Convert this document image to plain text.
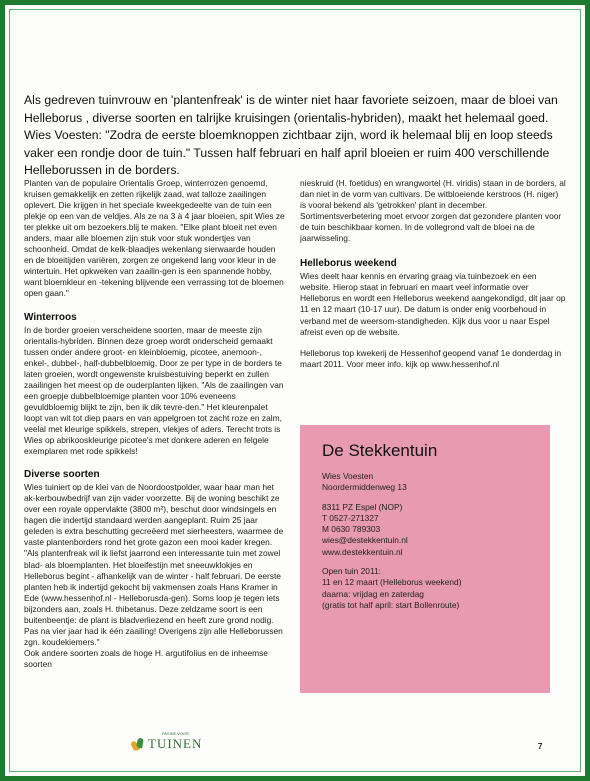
Als gedreven tuinvrouw en 'plantenfreak' is de winter niet haar favoriete seizoen, maar de bloei van Helleborus , diverse soorten en talrijke kruisingen (orientalis-hybriden), maakt het helemaal goed. Wies Voesten: "Zodra de eerste bloemknoppen zichtbaar zijn, word ik helemaal blij en loop steeds vaker een rondje door de tuin." Tussen half februari en half april bloeien er ruim 400 verschillende Helleborussen in de borders.

Planten van de populaire Orientalis Groep, winterrozen genoemd, kruisen gemakkelijk en zetten rijkelijk zaad, wat talloze zaailingen oplevert. Die krijgen in het speciale kweekgedeelte van de tuin een plekje op een van de veldjes. Als ze na 3 à 4 jaar bloeien, spit Wies ze ter plekke uit om bezoekers.blij te maken. "Elke plant bloeit net even anders, maar alle bloemen zijn stuk voor stuk wondertjes van schoonheid. Omdat de kelk-blaadjes wekenlang sierwaarde houden en de bloeitijden variëren, zorgen ze ongekend lang voor kleur in de wintertuin. Het opkweken van zaailin-gen is een spannende hobby, want bloemkleur en -tekening blijvende een verrassing tot de bloemen open gaan."

Winterroos

In de border groeien verscheidene soorten, maar de meeste zijn orientalis-hybriden. Binnen deze groep wordt onderscheid gemaakt tussen onder andere groot- en kleinbloemig, picotee, anemoon-, enkel-, dubbel-, half-dubbelbloemig. Door ze per type in de borders te laten groeien, wordt ongewenste kruisbestuiving beperkt en zullen zaailingen het meest op de ouderplanten lijken. "Als de zaailingen van een groepje dubbelbloemige planten voor 10% eveneens gevuldbloemig blijkt te zijn, ben ik dik tevre-den." Het kleurenpalet loopt van wit tot diep paars en van appelgroen tot zacht roze en zalm, veelal met kleurige spikkels, strepen, vlekjes of aders. Terecht trots is Wies op abrikooskleurige picotee's met donkere aderen en felgele exemplaren met rode spikkels!

Diverse soorten

Wies tuiniert op de klei van de Noordoostpolder, waar haar man het ak-kerbouwbedrijf van zijn vader voorzette. Bij de woning beschikt ze over een royale oppervlakte (3800 m²), beschut door windsingels en hagen die indertijd standaard werden aangeplant. Ruim 25 jaar geleden is extra beschutting gecreëerd met sierheesters, waarmee de vaste plantenborders rond het grote gazon een mooi kader kregen. "Als plantenfreak wil ik liefst jaarrond een interessante tuin met zowel blad- als bloemplanten. Het bloeifestijn met sneeuwklokjes en Helleborus begint - afhankelijk van de winter - half februari. De eerste planten heb ik indertijd gekocht bij vakmensen zoals Hans Kramer in Ede (www.hessenhof.nl - Helleborusda-gen). Soms loop je tegen iets bijzonders aan, zoals H. thibetanus. Deze zeldzame soort is een buitenbeentje: de plant is bladverliezend en heeft zure grond nodig. Pas na vier jaar had ik één zaailing! Overigens zijn alle Helleborussen zgn. koudekiemers."

Ook andere soorten zoals de hoge H. argutifolius en de inheemse soorten

nieskruid (H. foetidus) en wrangwortel (H. viridis) staan in de borders, al dan niet in de vorm van cultivars. De witbloeiende kerstroos (H. niger) is vooral bekend als 'getrokken' plant in december. Sortimentsverbetering moet ervoor zorgen dat gezondere planten voor de tuin beschikbaar komen. In de vollegrond valt de bloei na de jaarwisseling.

Helleborus weekend

Wies deelt haar kennis en ervaring graag via tuinbezoek en een website. Hierop staat in februari en maart veel informatie over Helleborus en wordt een Helleborus weekend aangekondigd, dit jaar op 11 en 12 maart (10-17 uur). De datum is onder enig voorbehoud in verband met de weersom-standigheden. Kijk dus voor u naar Espel afreist even op de website.

Helleborus top kwekerij de Hessenhof geopend vanaf 1e donderdag in maart 2011. Voor meer info. kijk op www.hessenhof.nl

De Stekkentuin
Wies Voesten
Noordermiddenweg 13
8311 PZ Espel (NOP)
T 0527-271327
M 0630 789303
wies@destekkentuin.nl
www.destekkentuin.nl
Open tuin 2011:
11 en 12 maart (Helleborus weekend)
daarna: vrijdag en zaterdag
(gratis tot half april: start Bollenroute)
PASSIE VOOR
TUINEN	7
